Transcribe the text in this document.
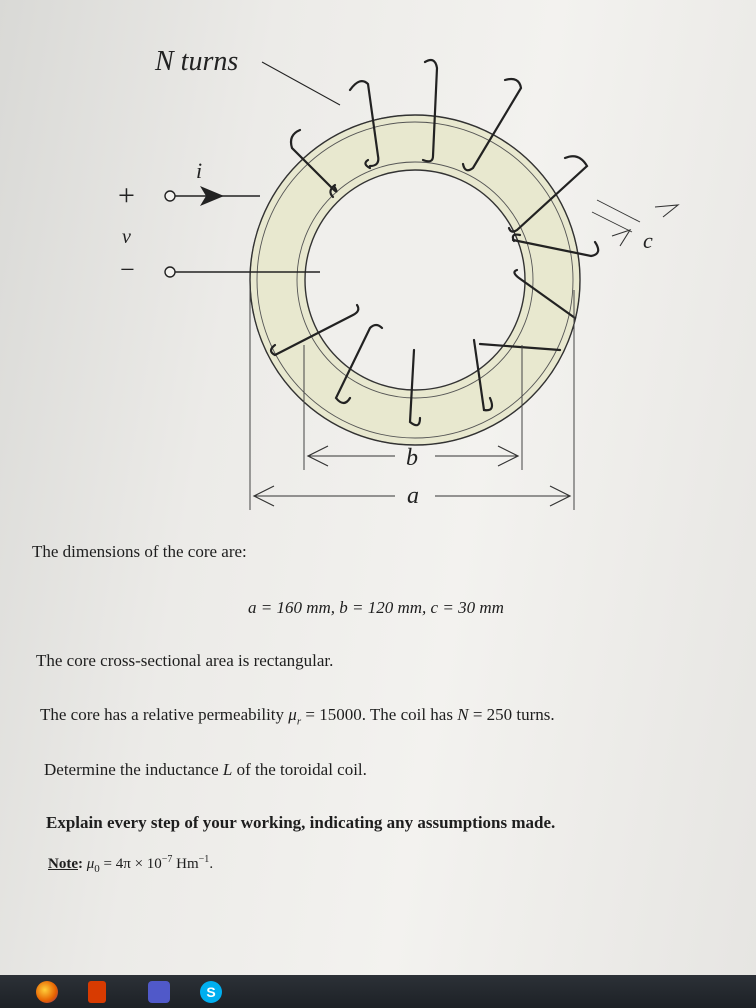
N turns
i
+
v
−
b
a
c
The dimensions of the core are:
a = 160 mm, b = 120 mm, c = 30 mm
The core cross-sectional area is rectangular.
The core has a relative permeability $\mu_r = 15000$. The coil has N = 250 turns.
Determine the inductance L of the toroidal coil.
Explain every step of your working, indicating any assumptions made.
Note: $\mu_0 = 4\pi \times 10^{-7}$ $Hm^{-1}$.
S
